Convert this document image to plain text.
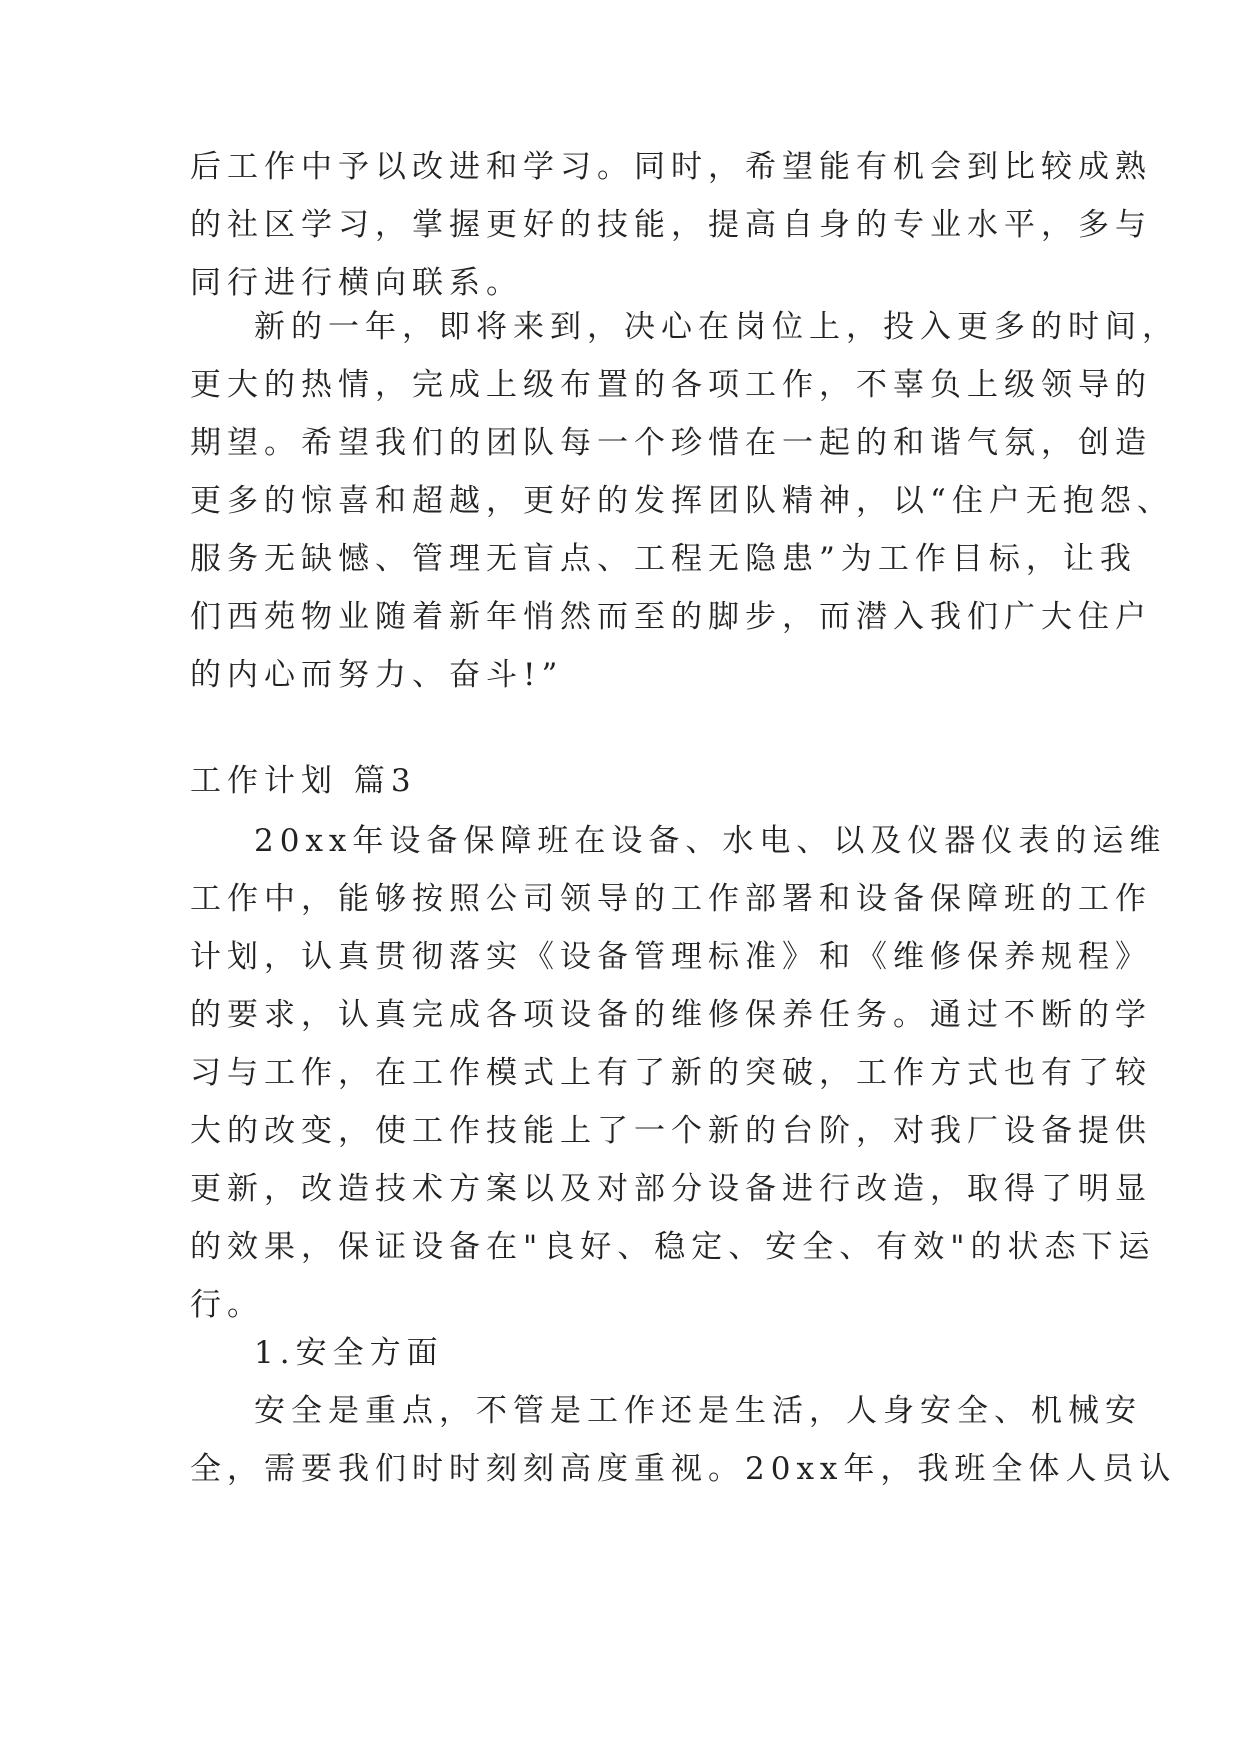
后工作中予以改进和学习。同时，希望能有机会到比较成熟
的社区学习，掌握更好的技能，提高自身的专业水平，多与
同行进行横向联系。
新的一年，即将来到，决心在岗位上，投入更多的时间，
更大的热情，完成上级布置的各项工作，不辜负上级领导的
期望。希望我们的团队每一个珍惜在一起的和谐气氛，创造
更多的惊喜和超越，更好的发挥团队精神，以“住户无抱怨、
服务无缺憾、管理无盲点、工程无隐患”为工作目标，让我
们西苑物业随着新年悄然而至的脚步，而潜入我们广大住户
的内心而努力、奋斗!”
工作计划 篇3
20xx年设备保障班在设备、水电、以及仪器仪表的运维
工作中，能够按照公司领导的工作部署和设备保障班的工作
计划，认真贯彻落实《设备管理标准》和《维修保养规程》
的要求，认真完成各项设备的维修保养任务。通过不断的学
习与工作，在工作模式上有了新的突破，工作方式也有了较
大的改变，使工作技能上了一个新的台阶，对我厂设备提供
更新，改造技术方案以及对部分设备进行改造，取得了明显
的效果，保证设备在"良好、稳定、安全、有效"的状态下运
行。
1.安全方面
安全是重点，不管是工作还是生活，人身安全、机械安
全，需要我们时时刻刻高度重视。20xx年，我班全体人员认
